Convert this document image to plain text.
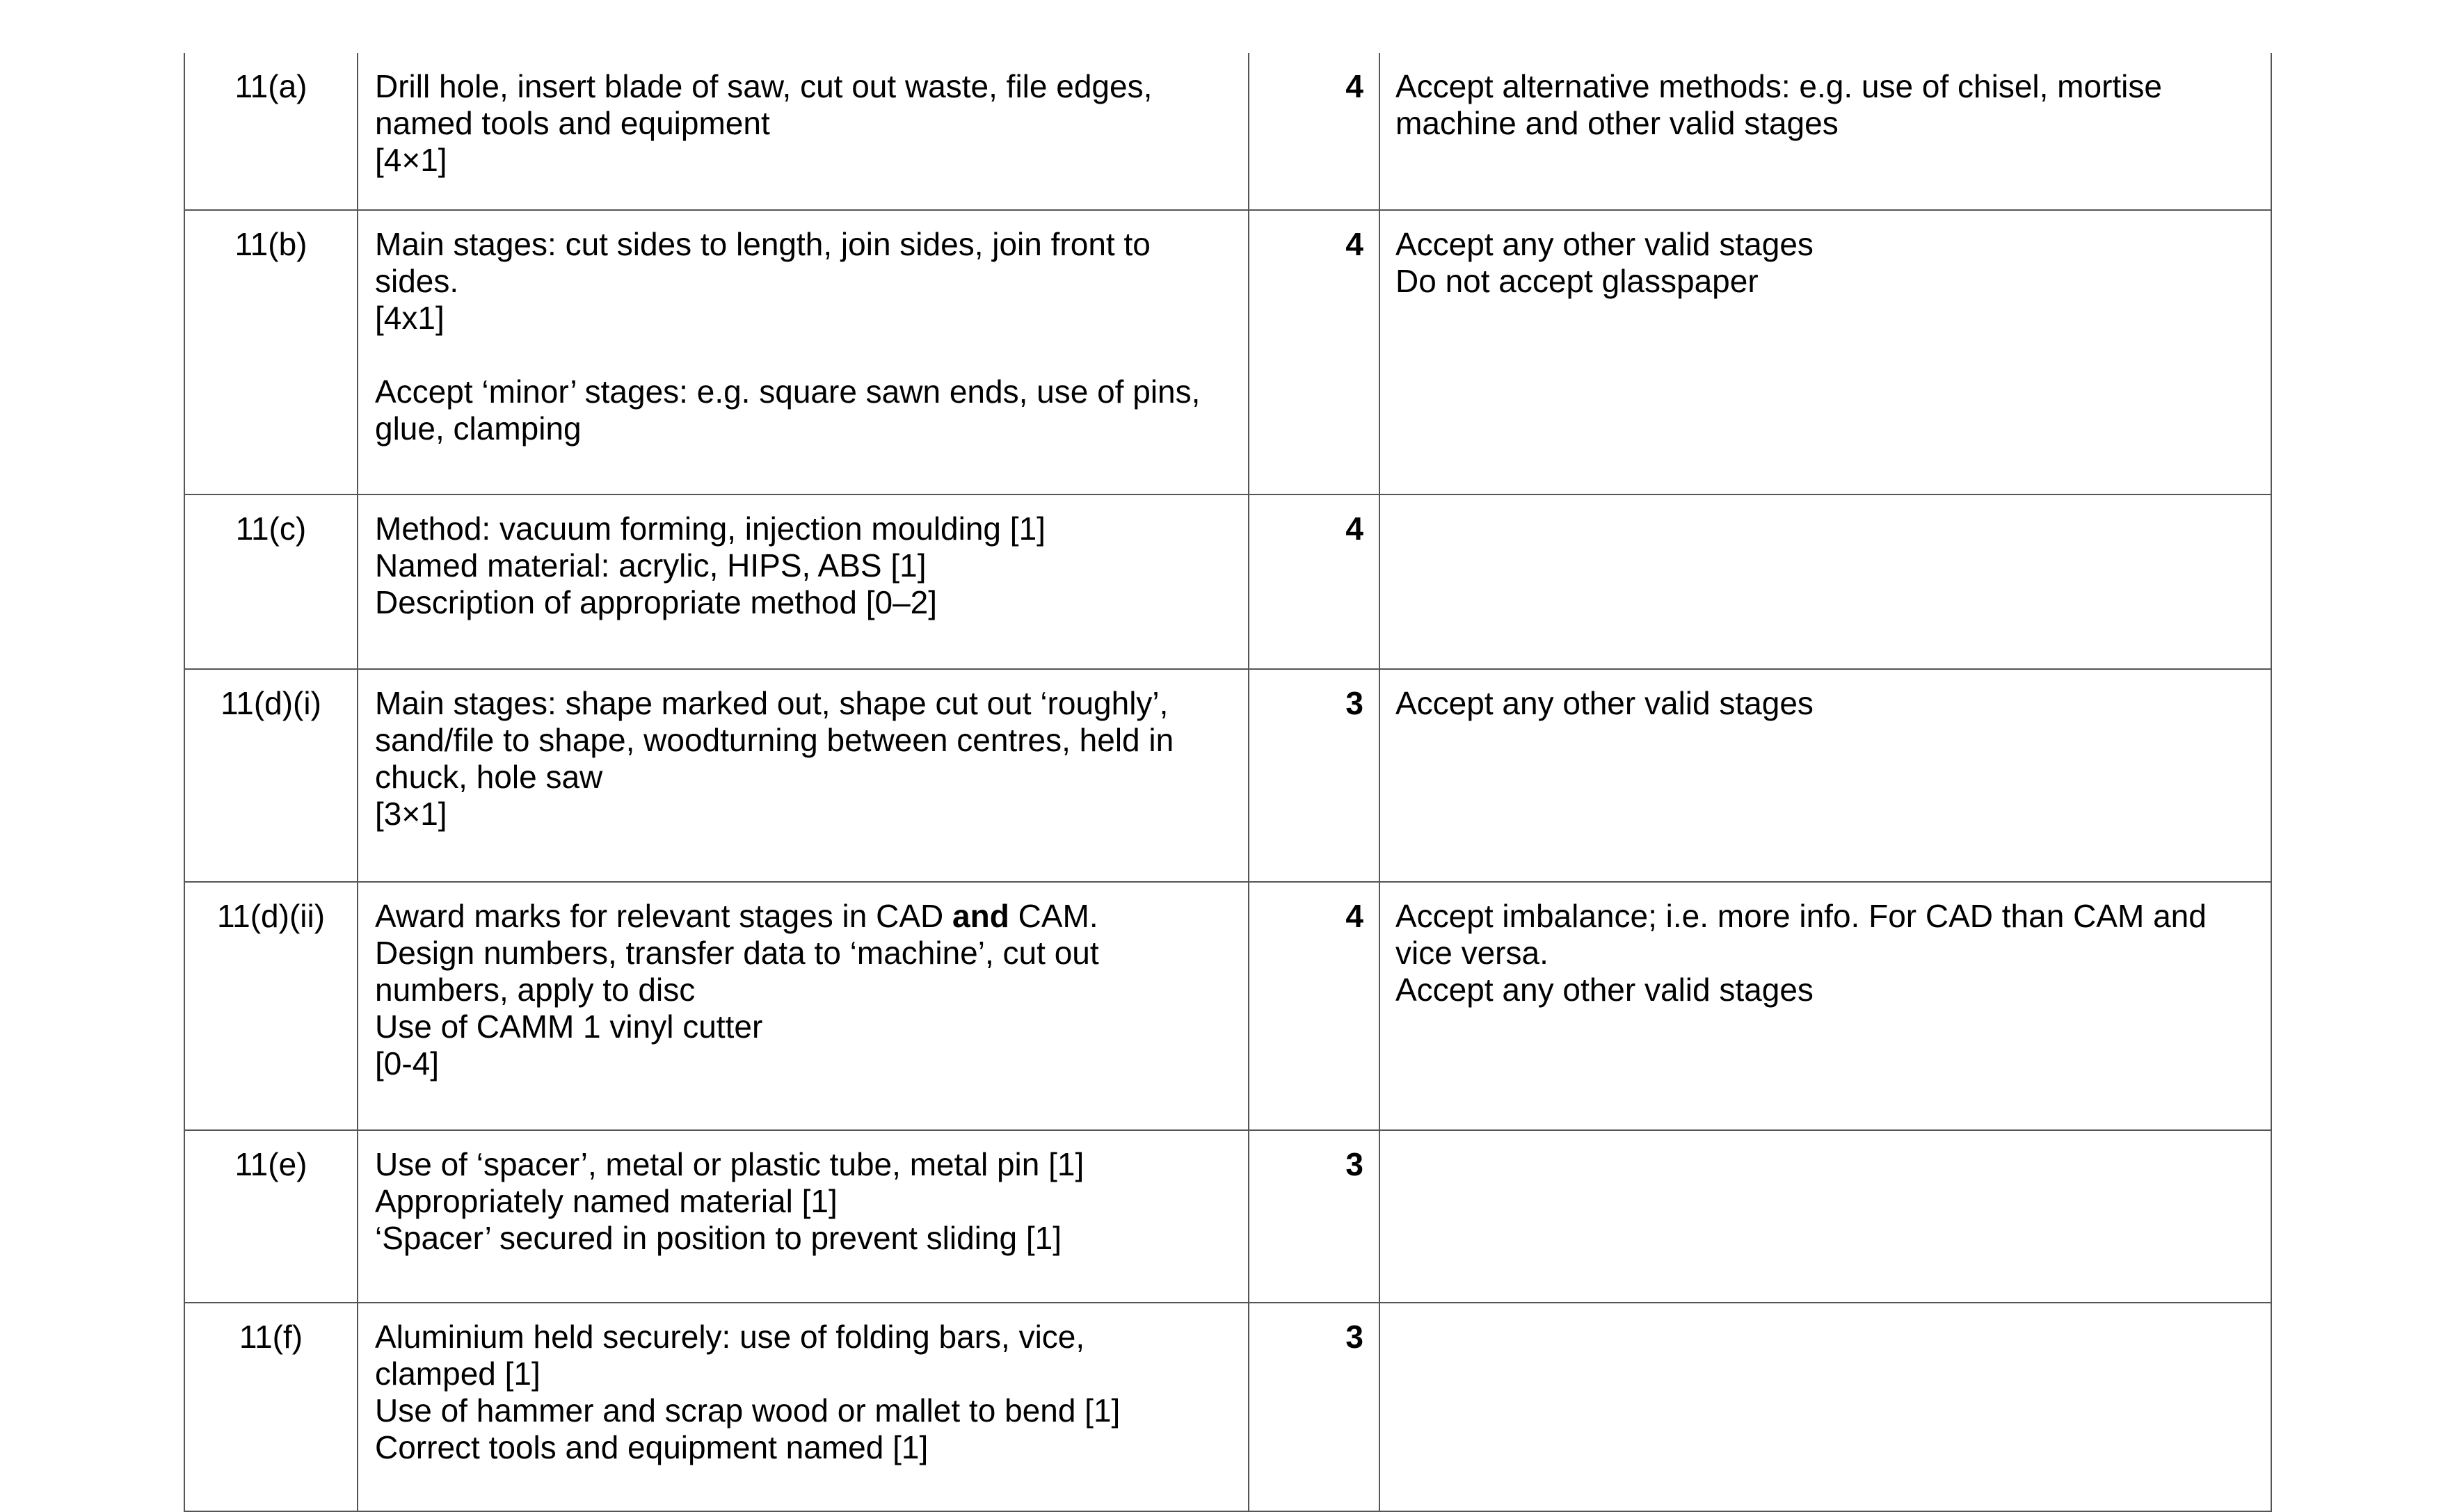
11(a)	Drill hole, insert blade of saw, cut out waste, file edges,
named tools and equipment
[4×1]	4	Accept alternative methods: e.g. use of chisel, mortise
machine and other valid stages

11(b)	Main stages: cut sides to length, join sides, join front to
sides.
[4x1]
Accept ‘minor’ stages: e.g. square sawn ends, use of pins,
glue, clamping	4	Accept any other valid stages
Do not accept glasspaper

11(c)	Method: vacuum forming, injection moulding [1]
Named material: acrylic, HIPS, ABS [1]
Description of appropriate method [0–2]	4	
11(d)(i)	Main stages: shape marked out, shape cut out ‘roughly’,
sand/file to shape, woodturning between centres, held in
chuck, hole saw
[3×1]	3	Accept any other valid stages

11(d)(ii)	Award marks for relevant stages in CAD and CAM.
Design numbers, transfer data to ‘machine’, cut out
numbers, apply to disc
Use of CAMM 1 vinyl cutter
[0-4]	4	Accept imbalance; i.e. more info. For CAD than CAM and
vice versa.
Accept any other valid stages

11(e)	Use of ‘spacer’, metal or plastic tube, metal pin [1]
Appropriately named material [1]
‘Spacer’ secured in position to prevent sliding [1]	3	
11(f)	Aluminium held securely: use of folding bars, vice,
clamped [1]
Use of hammer and scrap wood or mallet to bend [1]
Correct tools and equipment named [1]	3	
